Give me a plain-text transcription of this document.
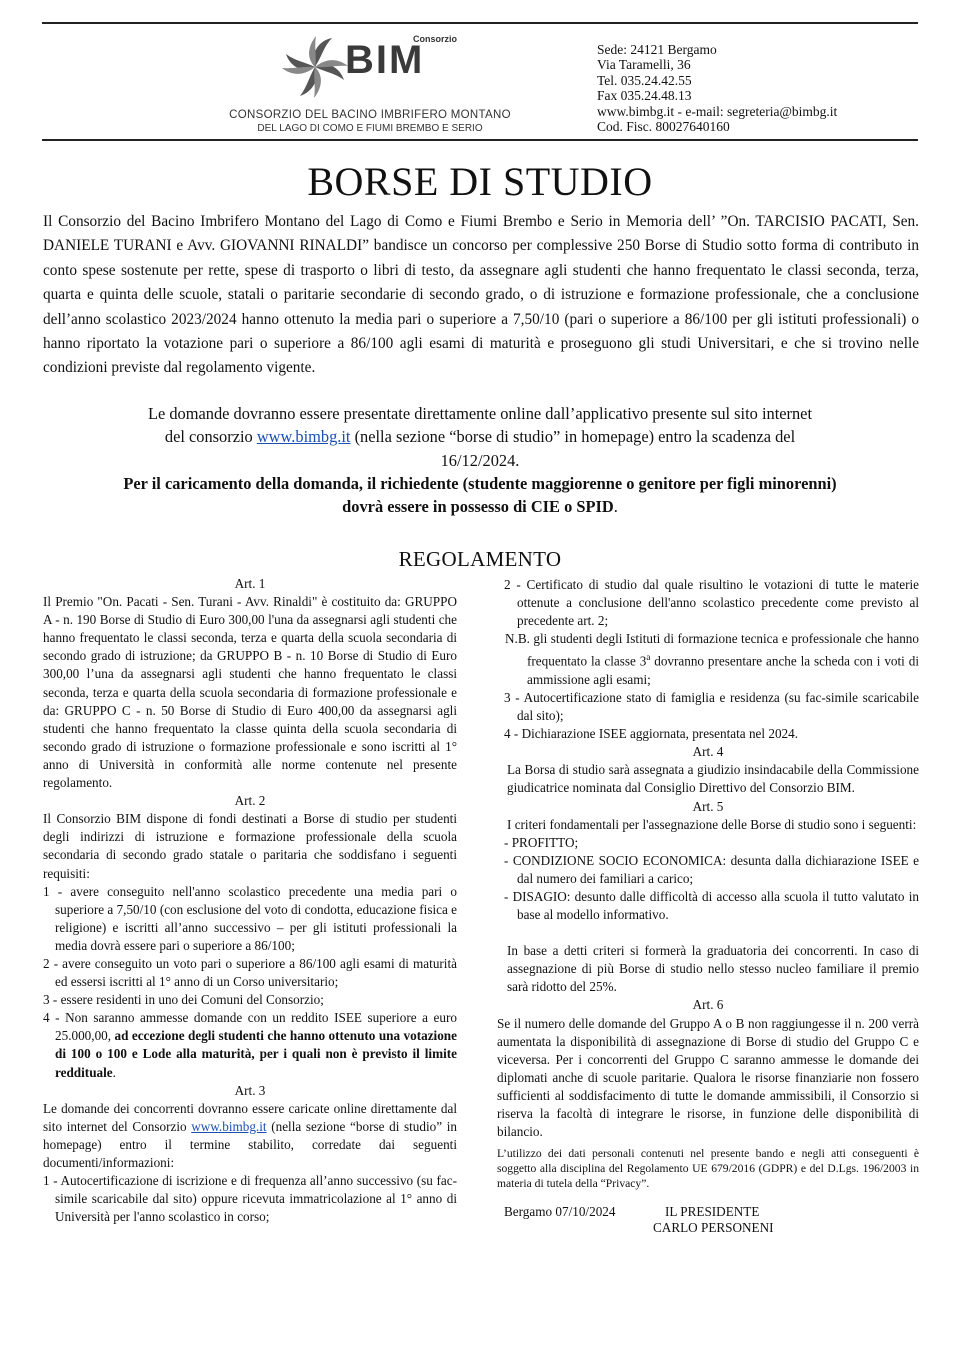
Consorzio
BIM
CONSORZIO DEL BACINO IMBRIFERO MONTANO
DEL LAGO DI COMO E FIUMI BREMBO E SERIO
Sede: 24121 Bergamo
Via Taramelli, 36
Tel. 035.24.42.55
Fax 035.24.48.13
www.bimbg.it - e-mail: segreteria@bimbg.it
Cod. Fisc. 80027640160
BORSE DI STUDIO

Il Consorzio del Bacino Imbrifero Montano del Lago di Como e Fiumi Brembo e Serio in Memoria dell’ ”On. TARCISIO PACATI, Sen. DANIELE TURANI e Avv. GIOVANNI RINALDI” bandisce un concorso per complessive 250 Borse di Studio sotto forma di contributo in conto spese sostenute per rette, spese di trasporto o libri di testo, da assegnare agli studenti che hanno frequentato le classi seconda, terza, quarta e quinta delle scuole, statali o paritarie secondarie di secondo grado, o di istruzione e formazione professionale, che a conclusione dell’anno scolastico 2023/2024 hanno ottenuto la media pari o superiore a 7,50/10 (pari o superiore a 86/100 per gli istituti professionali) o hanno riportato la votazione pari o superiore a 86/100 agli esami di maturità e proseguono gli studi Universitari, e che si trovino nelle condizioni previste dal regolamento vigente.

Le domande dovranno essere presentate direttamente online dall’applicativo presente sul sito internet
del consorzio www.bimbg.it (nella sezione “borse di studio” in homepage) entro la scadenza del
16/12/2024.
Per il caricamento della domanda, il richiedente (studente maggiorenne o genitore per figli minorenni) dovrà essere in possesso di CIE o SPID.
REGOLAMENTO

Art. 1

Il Premio "On. Pacati - Sen. Turani - Avv. Rinaldi" è costituito da: GRUPPO A - n. 190 Borse di Studio di Euro 300,00 l'una da assegnarsi agli studenti che hanno frequentato le classi seconda, terza e quarta della scuola secondaria di secondo grado di istruzione; da GRUPPO B - n. 10 Borse di Studio di Euro 300,00 l’una da assegnarsi agli studenti che hanno frequentato le classi seconda, terza e quarta della scuola secondaria di formazione professionale e da: GRUPPO C - n. 50 Borse di Studio di Euro 400,00 da assegnarsi agli studenti che hanno frequentato la classe quinta della scuola secondaria di secondo grado di istruzione o formazione professionale e sono iscritti al 1° anno di Università in conformità alle norme contenute nel presente regolamento.

Art. 2

Il Consorzio BIM dispone di fondi destinati a Borse di studio per studenti degli indirizzi di istruzione e formazione professionale della scuola secondaria di secondo grado statale o paritaria che soddisfano i seguenti requisiti:

1 - avere conseguito nell'anno scolastico precedente una media pari o superiore a 7,50/10 (con esclusione del voto di condotta, educazione fisica e religione) e iscritti all’anno successivo – per gli istituti professionali la media dovrà essere pari o superiore a 86/100;

2 - avere conseguito un voto pari o superiore a 86/100 agli esami di maturità ed essersi iscritti al 1° anno di un Corso universitario;

3 - essere residenti in uno dei Comuni del Consorzio;

4 - Non saranno ammesse domande con un reddito ISEE superiore a euro 25.000,00, ad eccezione degli studenti che hanno ottenuto una votazione di 100 o 100 e Lode alla maturità, per i quali non è previsto il limite reddituale.

Art. 3

Le domande dei concorrenti dovranno essere caricate online direttamente dal sito internet del Consorzio www.bimbg.it (nella sezione “borse di studio” in homepage) entro il termine stabilito, corredate dai seguenti documenti/informazioni:

1 - Autocertificazione di iscrizione e di frequenza all’anno successivo (su fac-simile scaricabile dal sito) oppure ricevuta immatricolazione al 1° anno di Università per l'anno scolastico in corso;

2 - Certificato di studio dal quale risultino le votazioni di tutte le materie ottenute a conclusione dell'anno scolastico precedente come previsto al precedente art. 2;

N.B. gli studenti degli Istituti di formazione tecnica e professionale che hanno frequentato la classe 3$^a$ dovranno presentare anche la scheda con i voti di ammissione agli esami;

3 - Autocertificazione stato di famiglia e residenza (su fac-simile scaricabile dal sito);

4 - Dichiarazione ISEE aggiornata, presentata nel 2024.

Art. 4

La Borsa di studio sarà assegnata a giudizio insindacabile della Commissione giudicatrice nominata dal Consiglio Direttivo del Consorzio BIM.

Art. 5

I criteri fondamentali per l'assegnazione delle Borse di studio sono i seguenti:

- PROFITTO;

- CONDIZIONE SOCIO ECONOMICA: desunta dalla dichiarazione ISEE e dal numero dei familiari a carico;

- DISAGIO: desunto dalle difficoltà di accesso alla scuola il tutto valutato in base al modello informativo.

In base a detti criteri si formerà la graduatoria dei concorrenti. In caso di assegnazione di più Borse di studio nello stesso nucleo familiare il premio sarà ridotto del 25%.

Art. 6

Se il numero delle domande del Gruppo A o B non raggiungesse il n. 200 verrà aumentata la disponibilità di assegnazione di Borse di studio del Gruppo C e viceversa. Per i concorrenti del Gruppo C saranno ammesse le domande dei diplomati anche di scuole paritarie. Qualora le risorse finanziarie non fossero sufficienti al soddisfacimento di tutte le domande ammissibili, il Consorzio si riserva la facoltà di integrare le risorse, in funzione delle disponibilità di bilancio.

L’utilizzo dei dati personali contenuti nel presente bando e negli atti conseguenti è soggetto alla disciplina del Regolamento UE 679/2016 (GDPR) e del D.Lgs. 196/2003 in materia di tutela della “Privacy”.

Bergamo 07/10/2024	IL PRESIDENTE
CARLO PERSONENI
